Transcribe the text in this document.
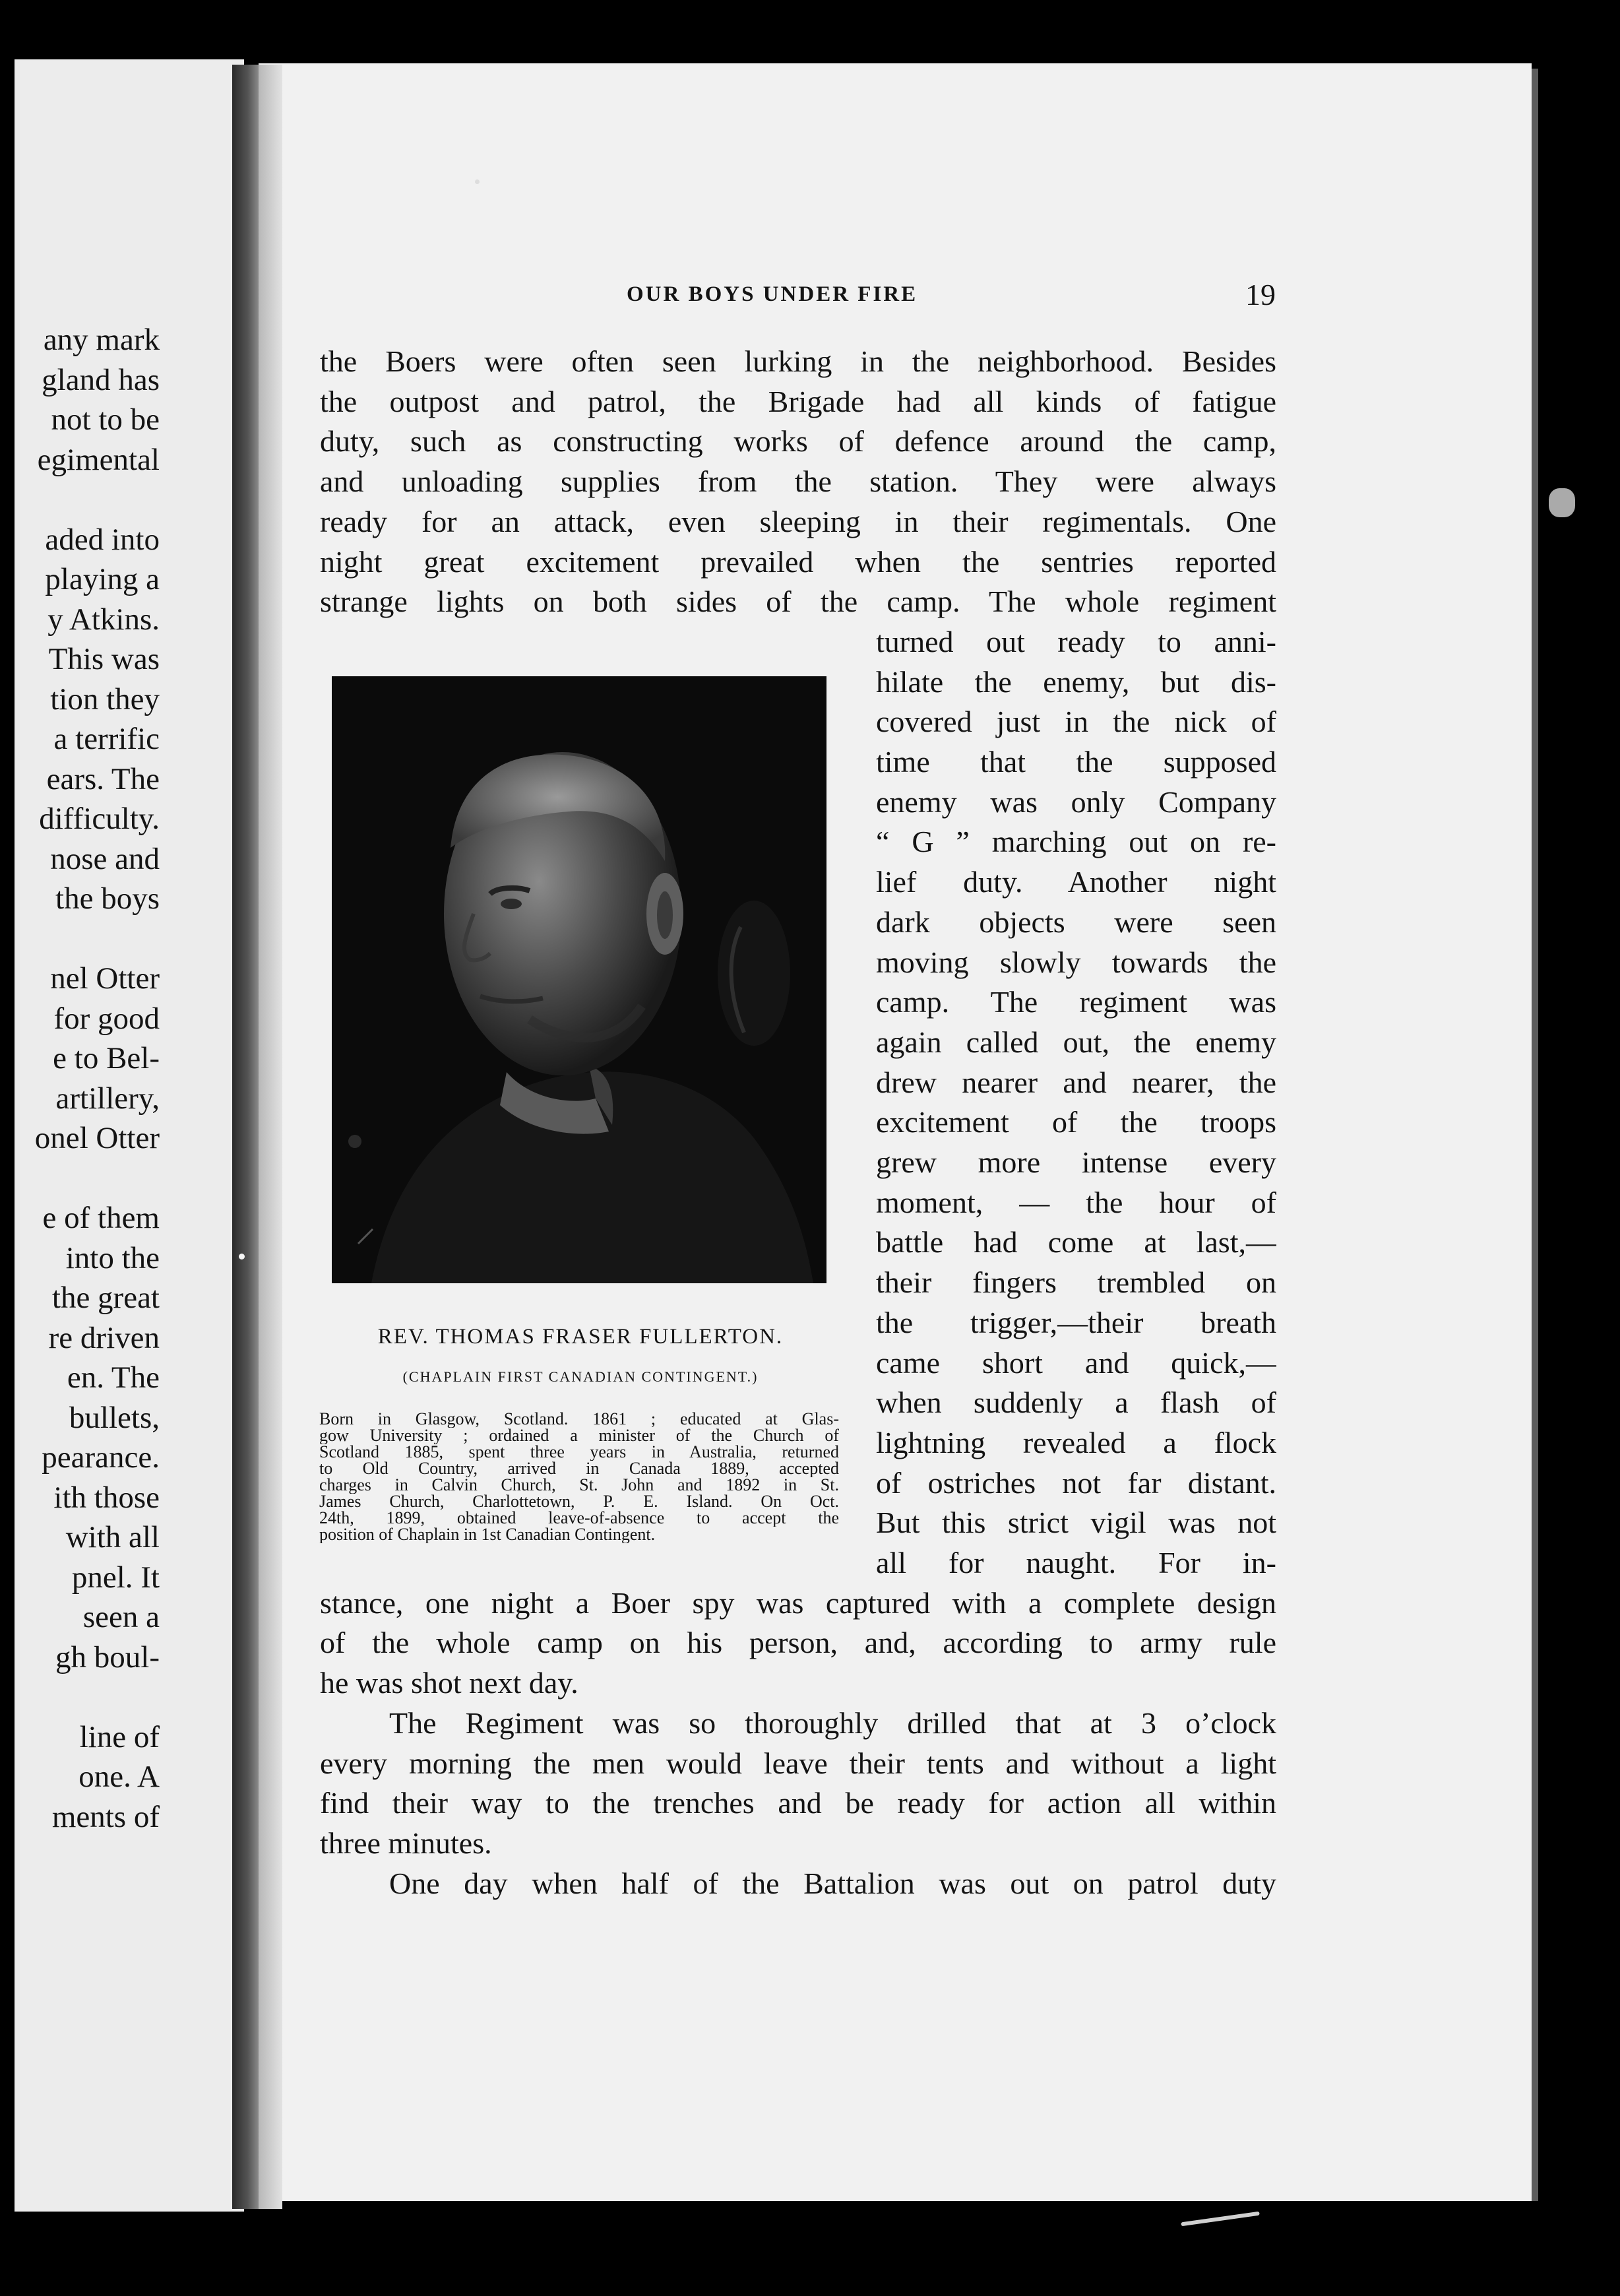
any mark
gland has
not to be
egimental
aded into
playing a
y Atkins.
This was
tion they
a terrific
ears. The
difficulty.
nose and
the boys
nel Otter
for good
e to Bel-
artillery,
onel Otter
e of them
into the
the great
re driven
en. The
bullets,
pearance.
ith those
with all
pnel. It
seen a
gh boul-
line of
one. A
ments of
OUR BOYS UNDER FIRE	19
the Boers were often seen lurking in the neighborhood. Besides
the outpost and patrol, the Brigade had all kinds of fatigue
duty, such as constructing works of defence around the camp,
and unloading supplies from the station. They were always
ready for an attack, even sleeping in their regimentals. One
night great excitement prevailed when the sentries reported
strange lights on both sides of the camp. The whole regiment
turned out ready to anni-
hilate the enemy, but dis-
covered just in the nick of
time that the supposed
enemy was only Company
“ G ” marching out on re-
lief duty. Another night
dark objects were seen
moving slowly towards the
camp. The regiment was
again called out, the enemy
drew nearer and nearer, the
excitement of the troops
grew more intense every
moment, — the hour of
battle had come at last,—
their fingers trembled on
the trigger,—their breath
came short and quick,—
when suddenly a flash of
lightning revealed a flock
of ostriches not far distant.
But this strict vigil was not
all for naught. For in-
stance, one night a Boer spy was captured with a complete design
of the whole camp on his person, and, according to army rule
he was shot next day.
The Regiment was so thoroughly drilled that at 3 o’clock
every morning the men would leave their tents and without a light
find their way to the trenches and be ready for action all within
three minutes.
One day when half of the Battalion was out on patrol duty
REV. THOMAS FRASER FULLERTON.
(CHAPLAIN FIRST CANADIAN CONTINGENT.)
Born in Glasgow, Scotland. 1861 ; educated at Glas-
gow University ; ordained a minister of the Church of
Scotland 1885, spent three years in Australia, returned
to Old Country, arrived in Canada 1889, accepted
charges in Calvin Church, St. John and 1892 in St.
James Church, Charlottetown, P. E. Island. On Oct.
24th, 1899, obtained leave-of-absence to accept the
position of Chaplain in 1st Canadian Contingent.
